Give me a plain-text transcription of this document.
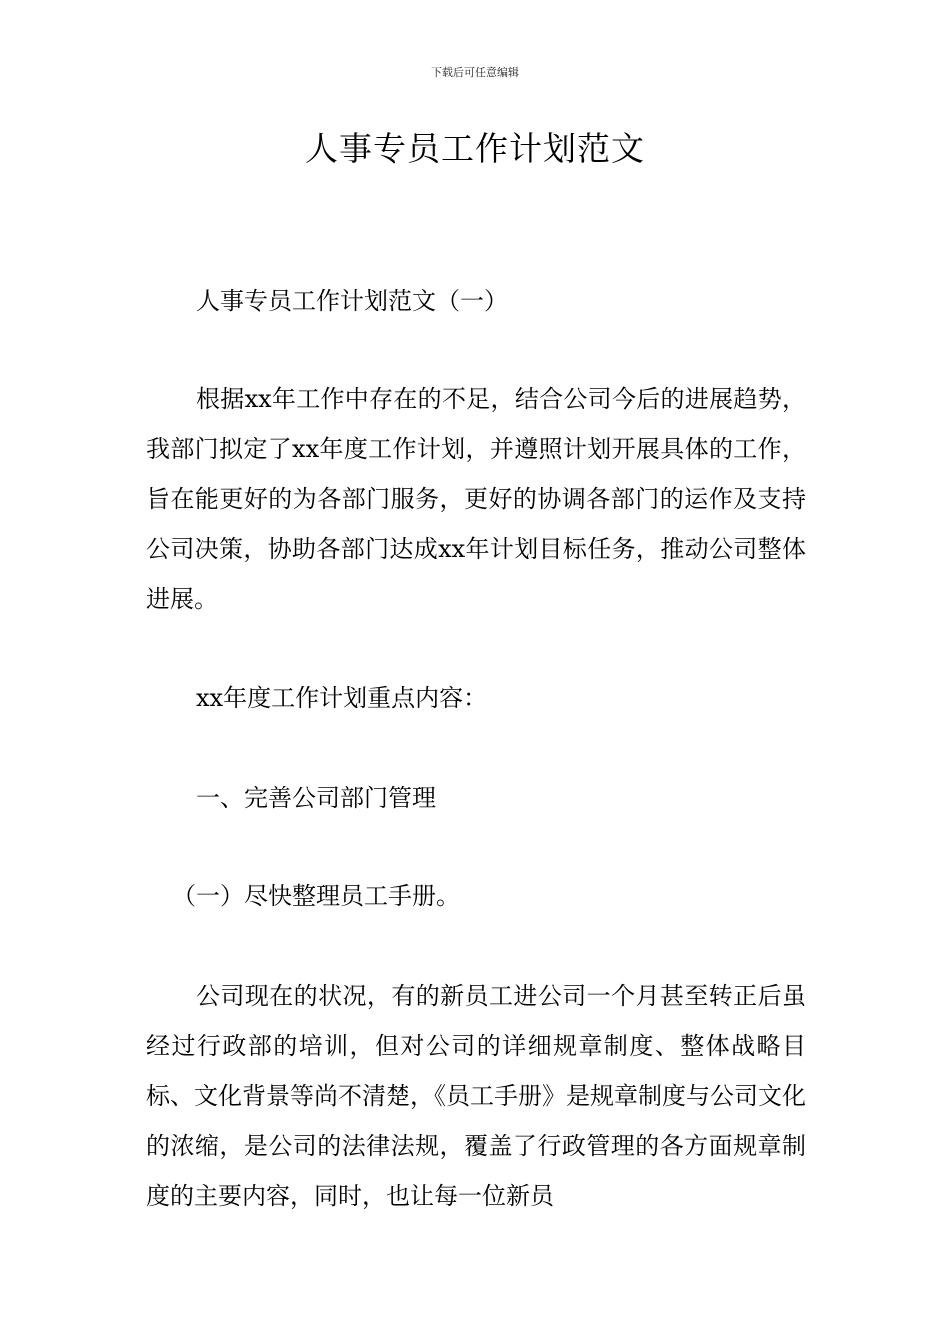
下载后可任意编辑
人事专员工作计划范文

人事专员工作计划范文（一）

根据xx年工作中存在的不足，结合公司今后的进展趋势，我部门拟定了xx年度工作计划，并遵照计划开展具体的工作，旨在能更好的为各部门服务，更好的协调各部门的运作及支持公司决策，协助各部门达成xx年计划目标任务，推动公司整体进展。

xx年度工作计划重点内容：

一、完善公司部门管理

（一）尽快整理员工手册。

公司现在的状况，有的新员工进公司一个月甚至转正后虽经过行政部的培训，但对公司的详细规章制度、整体战略目标、文化背景等尚不清楚，《员工手册》是规章制度与公司文化的浓缩，是公司的法律法规，覆盖了行政管理的各方面规章制度的主要内容，同时，也让每一位新员
